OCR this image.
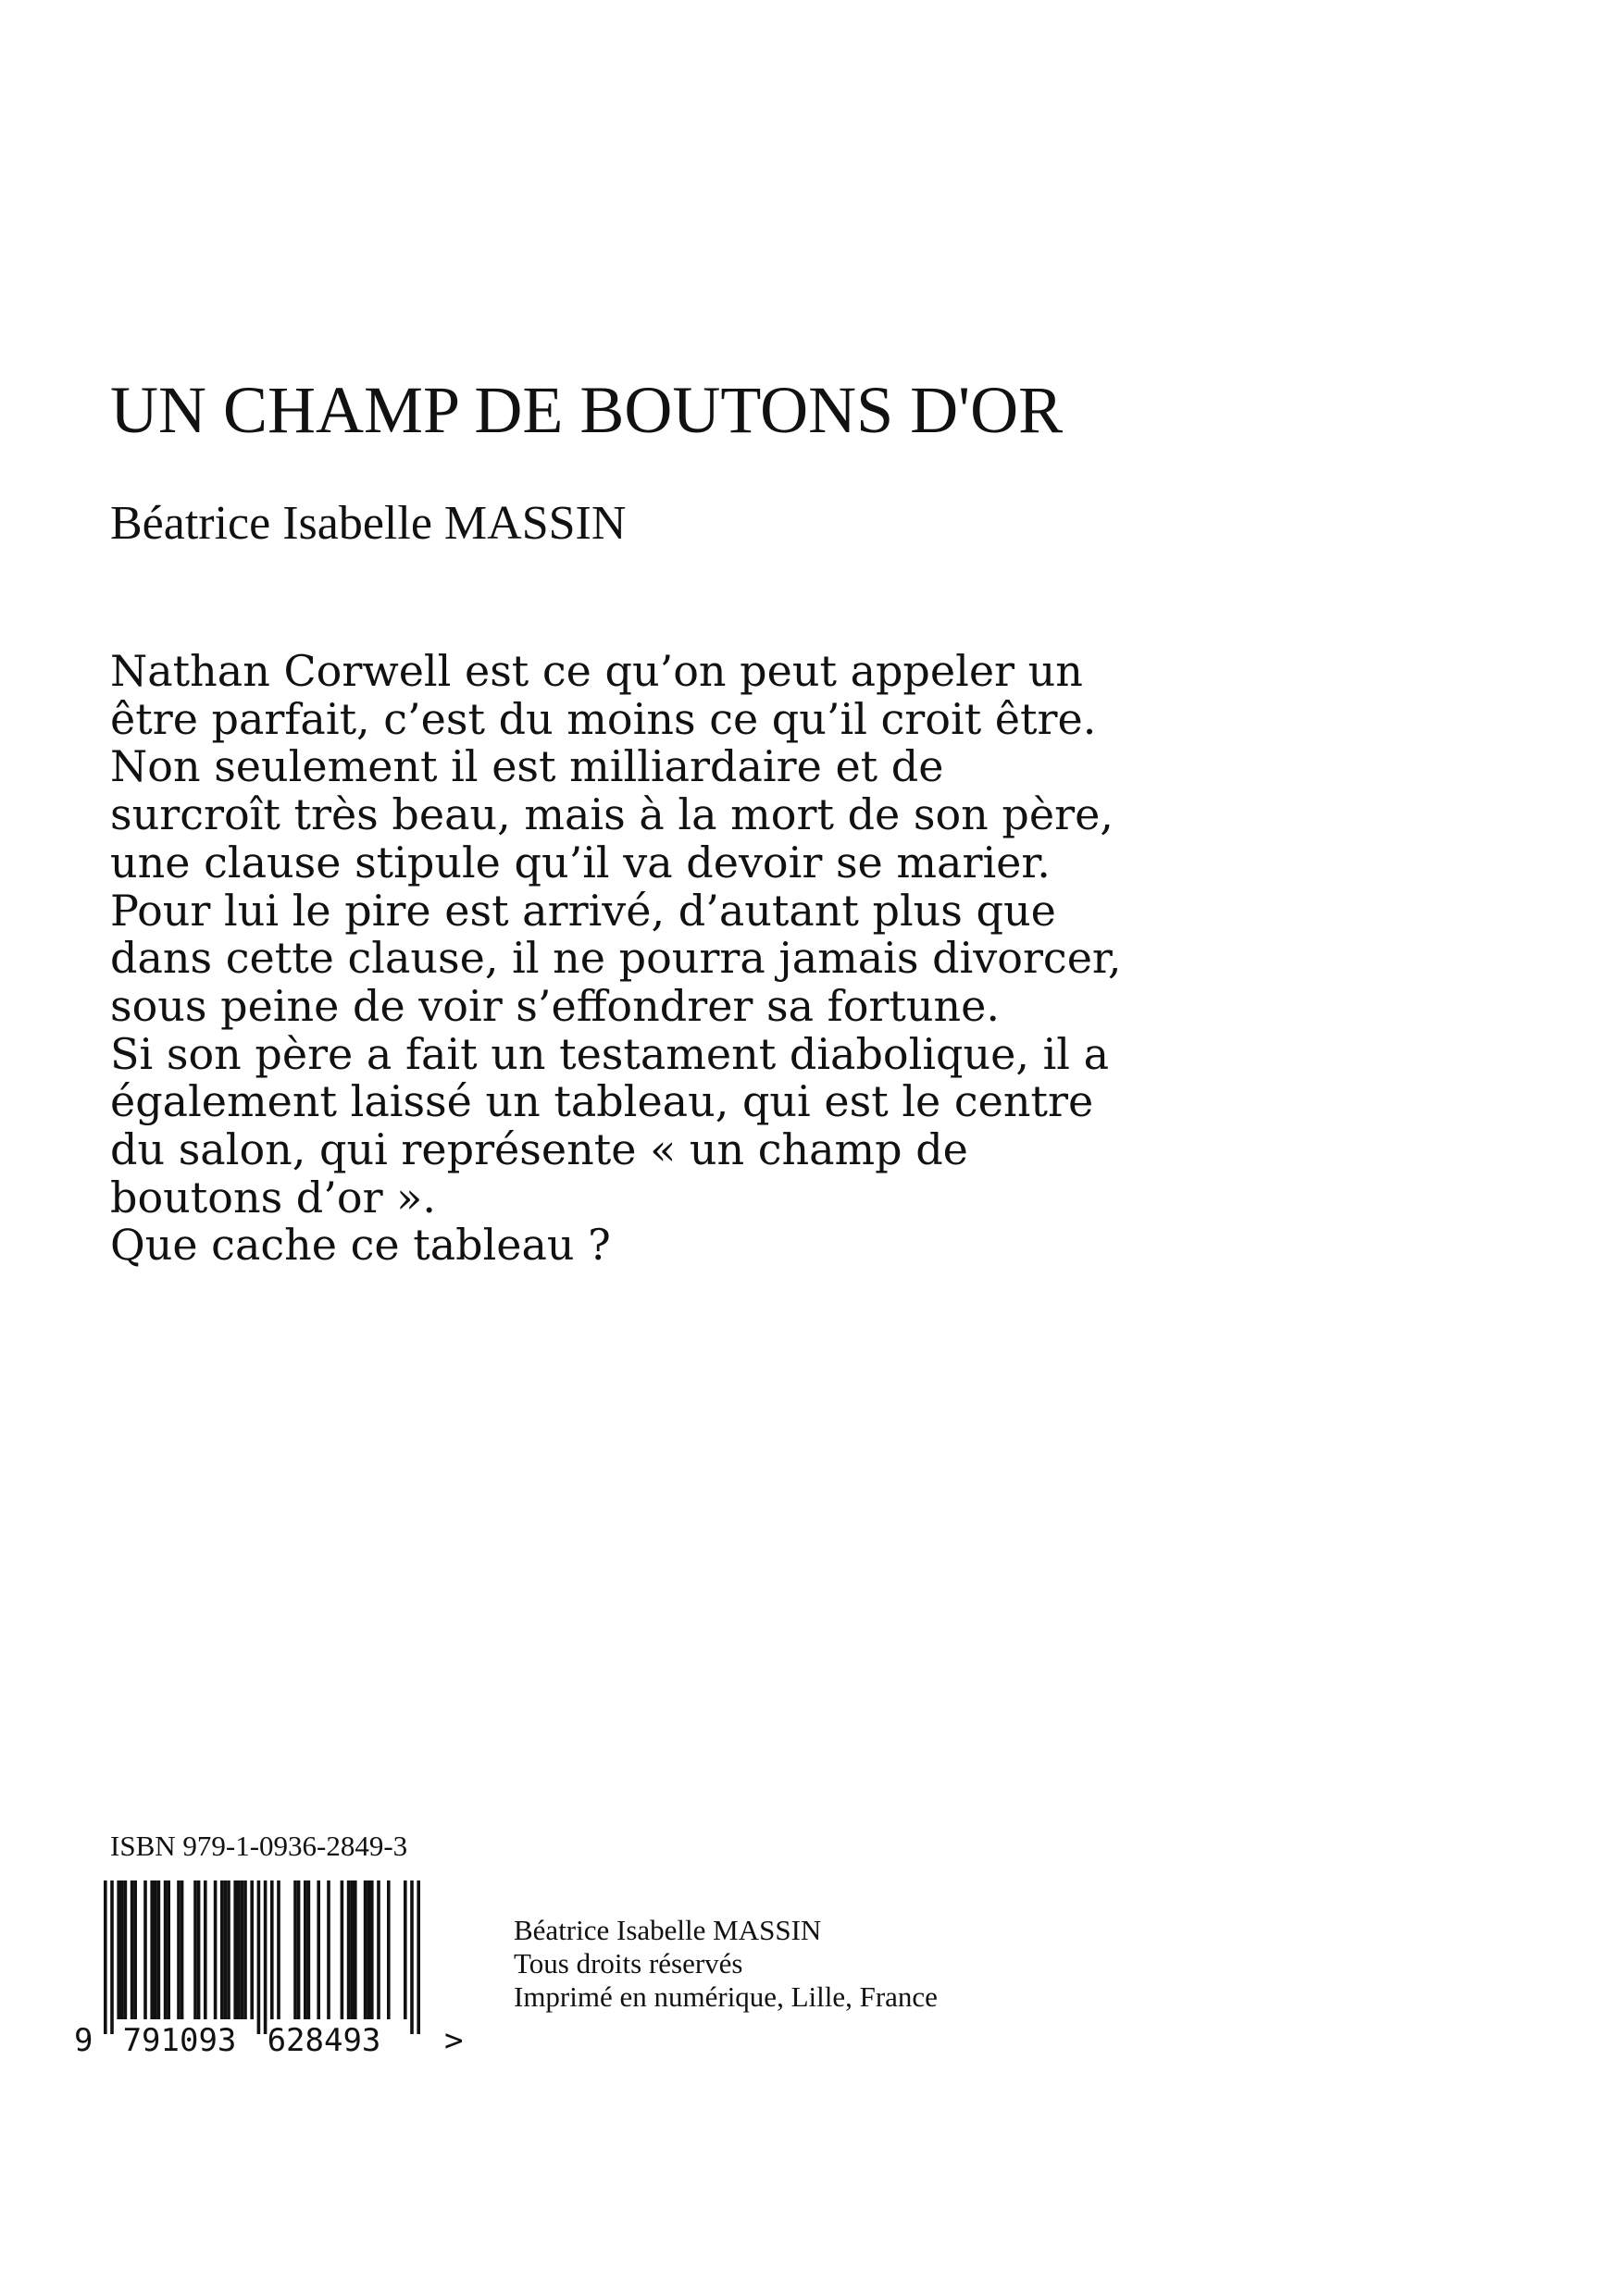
UN CHAMP DE BOUTONS D'OR
Béatrice Isabelle MASSIN
Nathan Corwell est ce qu’on peut appeler un
être parfait, c’est du moins ce qu’il croit être.
Non seulement il est milliardaire et de
surcroît très beau, mais à la mort de son père,
une clause stipule qu’il va devoir se marier.
Pour lui le pire est arrivé, d’autant plus que
dans cette clause, il ne pourra jamais divorcer,
sous peine de voir s’effondrer sa fortune.
Si son père a fait un testament diabolique, il a
également laissé un tableau, qui est le centre
du salon, qui représente « un champ de
boutons d’or ».
Que cache ce tableau ?
ISBN 979-1-0936-2849-3
9 791093 628493 >
Béatrice Isabelle MASSIN
Tous droits réservés
Imprimé en numérique, Lille, France
